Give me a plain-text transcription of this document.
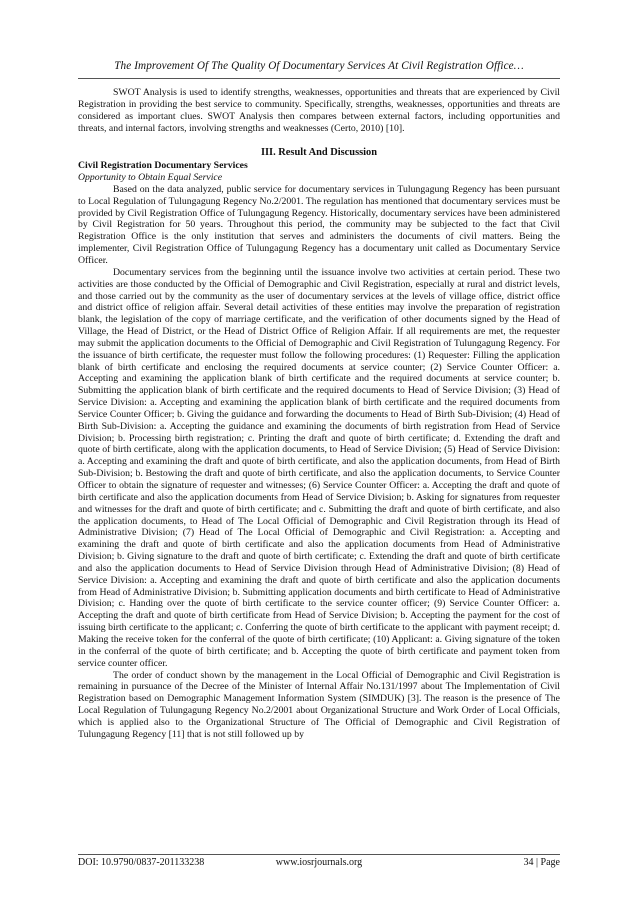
The Improvement Of The Quality Of Documentary Services At Civil Registration Office…

SWOT Analysis is used to identify strengths, weaknesses, opportunities and threats that are experienced by Civil Registration in providing the best service to community. Specifically, strengths, weaknesses, opportunities and threats are considered as important clues. SWOT Analysis then compares between external factors, including opportunities and threats, and internal factors, involving strengths and weaknesses (Certo, 2010) [10].

III. Result And Discussion
Civil Registration Documentary Services
Opportunity to Obtain Equal Service

Based on the data analyzed, public service for documentary services in Tulungagung Regency has been pursuant to Local Regulation of Tulungagung Regency No.2/2001. The regulation has mentioned that documentary services must be provided by Civil Registration Office of Tulungagung Regency. Historically, documentary services have been administered by Civil Registration for 50 years. Throughout this period, the community may be subjected to the fact that Civil Registration Office is the only institution that serves and administers the documents of civil matters. Being the implementer, Civil Registration Office of Tulungagung Regency has a documentary unit called as Documentary Service Officer.

Documentary services from the beginning until the issuance involve two activities at certain period. These two activities are those conducted by the Official of Demographic and Civil Registration, especially at rural and district levels, and those carried out by the community as the user of documentary services at the levels of village office, district office and district office of religion affair. Several detail activities of these entities may involve the preparation of registration blank, the legislation of the copy of marriage certificate, and the verification of other documents signed by the Head of Village, the Head of District, or the Head of District Office of Religion Affair. If all requirements are met, the requester may submit the application documents to the Official of Demographic and Civil Registration of Tulungagung Regency. For the issuance of birth certificate, the requester must follow the following procedures: (1) Requester: Filling the application blank of birth certificate and enclosing the required documents at service counter; (2) Service Counter Officer: a. Accepting and examining the application blank of birth certificate and the required documents at service counter; b. Submitting the application blank of birth certificate and the required documents to Head of Service Division; (3) Head of Service Division: a. Accepting and examining the application blank of birth certificate and the required documents from Service Counter Officer; b. Giving the guidance and forwarding the documents to Head of Birth Sub-Division; (4) Head of Birth Sub-Division: a. Accepting the guidance and examining the documents of birth registration from Head of Service Division; b. Processing birth registration; c. Printing the draft and quote of birth certificate; d. Extending the draft and quote of birth certificate, along with the application documents, to Head of Service Division; (5) Head of Service Division: a. Accepting and examining the draft and quote of birth certificate, and also the application documents, from Head of Birth Sub-Division; b. Bestowing the draft and quote of birth certificate, and also the application documents, to Service Counter Officer to obtain the signature of requester and witnesses; (6) Service Counter Officer: a. Accepting the draft and quote of birth certificate and also the application documents from Head of Service Division; b. Asking for signatures from requester and witnesses for the draft and quote of birth certificate; and c. Submitting the draft and quote of birth certificate, and also the application documents, to Head of The Local Official of Demographic and Civil Registration through its Head of Administrative Division; (7) Head of The Local Official of Demographic and Civil Registration: a. Accepting and examining the draft and quote of birth certificate and also the application documents from Head of Administrative Division; b. Giving signature to the draft and quote of birth certificate; c. Extending the draft and quote of birth certificate and also the application documents to Head of Service Division through Head of Administrative Division; (8) Head of Service Division: a. Accepting and examining the draft and quote of birth certificate and also the application documents from Head of Administrative Division; b. Submitting application documents and birth certificate to Head of Administrative Division; c. Handing over the quote of birth certificate to the service counter officer; (9) Service Counter Officer: a. Accepting the draft and quote of birth certificate from Head of Service Division; b. Accepting the payment for the cost of issuing birth certificate to the applicant; c. Conferring the quote of birth certificate to the applicant with payment receipt; d. Making the receive token for the conferral of the quote of birth certificate; (10) Applicant: a. Giving signature of the token in the conferral of the quote of birth certificate; and b. Accepting the quote of birth certificate and payment token from service counter officer.

The order of conduct shown by the management in the Local Official of Demographic and Civil Registration is remaining in pursuance of the Decree of the Minister of Internal Affair No.131/1997 about The Implementation of Civil Registration based on Demographic Management Information System (SIMDUK) [3]. The reason is the presence of The Local Regulation of Tulungagung Regency No.2/2001 about Organizational Structure and Work Order of Local Officials, which is applied also to the Organizational Structure of The Official of Demographic and Civil Registration of Tulungagung Regency [11] that is not still followed up by

DOI: 10.9790/0837-201133238	www.iosrjournals.org	34 | Page
